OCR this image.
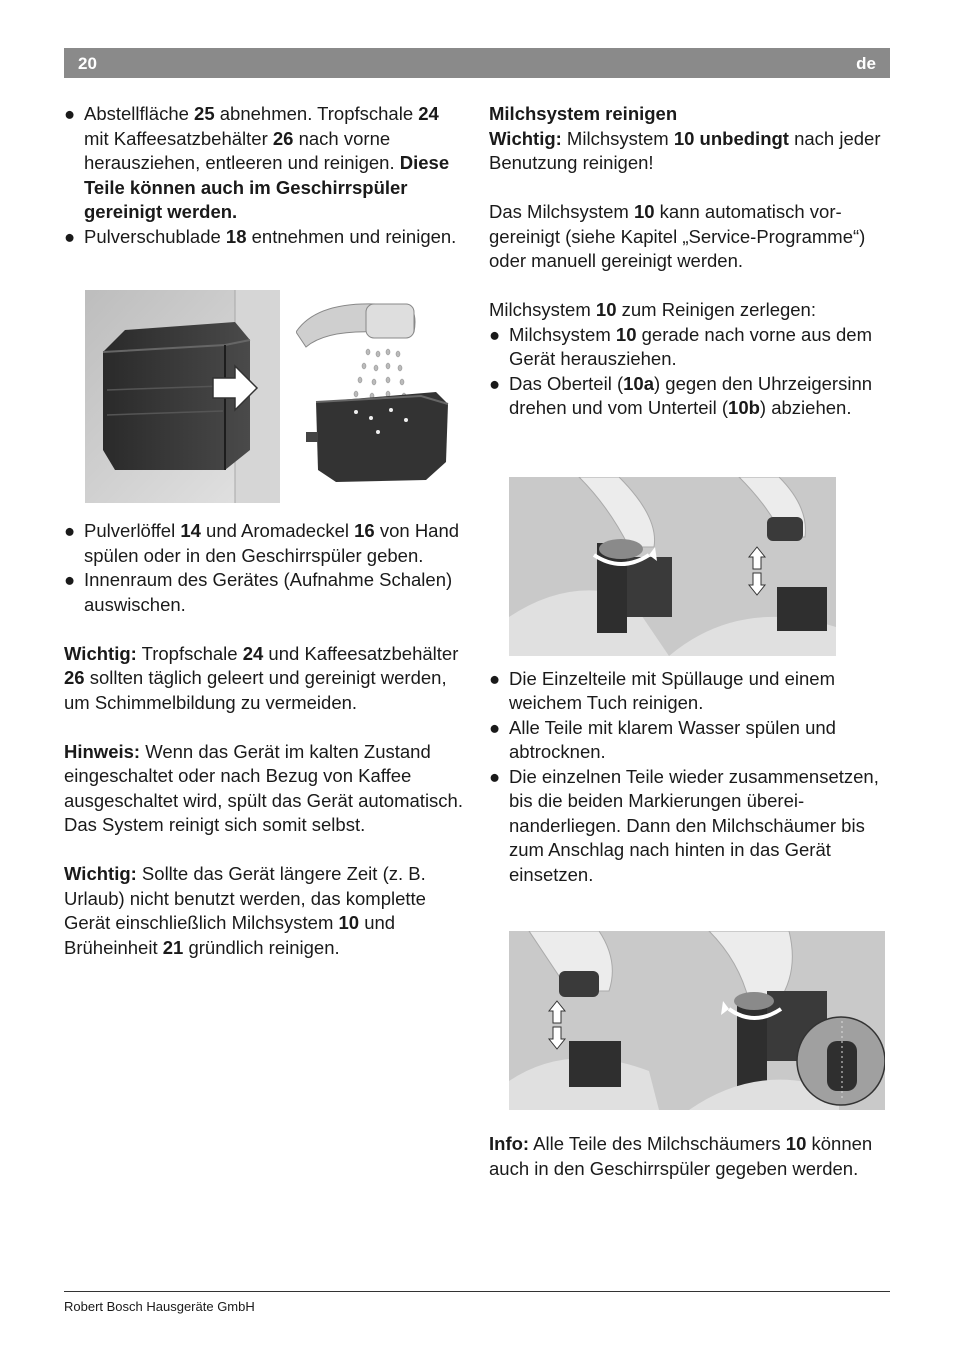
20	de
● Abstellfläche 25 abnehmen. Tropfschale 24 mit Kaffeesatzbehälter 26 nach vorne herausziehen, entleeren und reinigen. Diese Teile können auch im Geschirrspüler gereinigt werden.
● Pulverschublade 18 entnehmen und reinigen.
● Pulverlöffel 14 und Aromadeckel 16 von Hand spülen oder in den Geschirrspüler geben.
● Innenraum des Gerätes (Aufnahme Schalen) auswischen.

Wichtig: Tropfschale 24 und Kaffeesatzbehälter 26 sollten täglich geleert und gereinigt werden, um Schimmelbildung zu vermeiden.

Hinweis: Wenn das Gerät im kalten Zustand eingeschaltet oder nach Bezug von Kaffee ausgeschaltet wird, spült das Gerät automatisch. Das System reinigt sich somit selbst.

Wichtig: Sollte das Gerät längere Zeit (z. B. Urlaub) nicht benutzt werden, das komplette Gerät einschließlich Milchsystem 10 und Brüheinheit 21 gründlich reinigen.

Milchsystem reinigen

Wichtig: Milchsystem 10 unbedingt nach jeder Benutzung reinigen!

Das Milchsystem 10 kann automatisch vorgereinigt (siehe Kapitel „Service-Programme“) oder manuell gereinigt werden.

Milchsystem 10 zum Reinigen zerlegen:

● Milchsystem 10 gerade nach vorne aus dem Gerät herausziehen.
● Das Oberteil (10a) gegen den Uhrzeigersinn drehen und vom Unterteil (10b) abziehen.
● Die Einzelteile mit Spüllauge und einem weichem Tuch reinigen.
● Alle Teile mit klarem Wasser spülen und abtrocknen.
● Die einzelnen Teile wieder zusammensetzen, bis die beiden Markierungen übereinanderliegen. Dann den Milchschäumer bis zum Anschlag nach hinten in das Gerät einsetzen.

Info: Alle Teile des Milchschäumers 10 können auch in den Geschirrspüler gegeben werden.

Robert Bosch Hausgeräte GmbH
